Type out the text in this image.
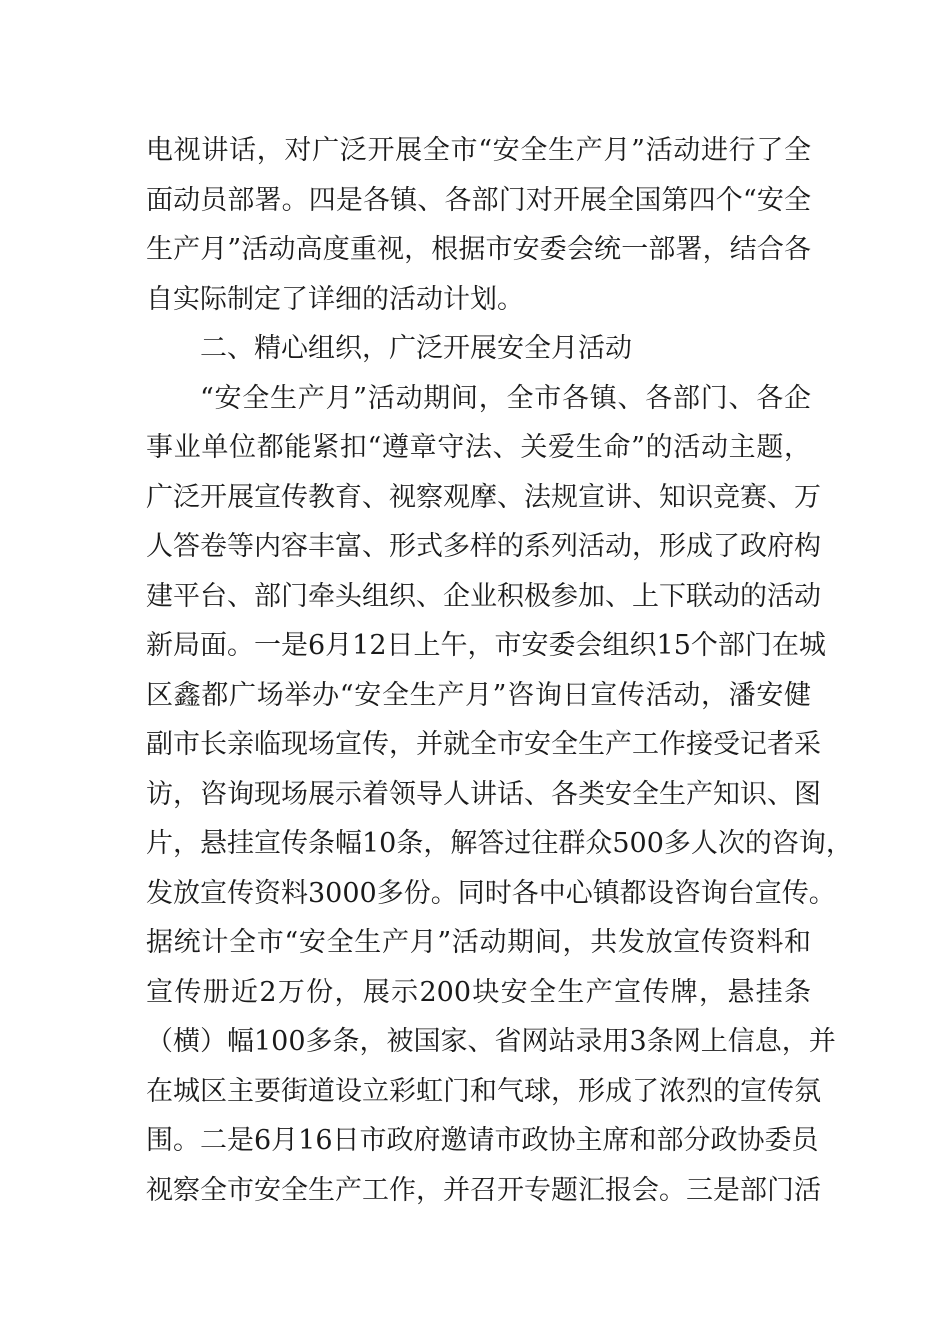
电视讲话，对广泛开展全市“安全生产月”活动进行了全
面动员部署。四是各镇、各部门对开展全国第四个“安全
生产月”活动高度重视，根据市安委会统一部署，结合各
自实际制定了详细的活动计划。
二、精心组织，广泛开展安全月活动
“安全生产月”活动期间，全市各镇、各部门、各企
事业单位都能紧扣“遵章守法、关爱生命”的活动主题，
广泛开展宣传教育、视察观摩、法规宣讲、知识竞赛、万
人答卷等内容丰富、形式多样的系列活动，形成了政府构
建平台、部门牵头组织、企业积极参加、上下联动的活动
新局面。一是6月12日上午，市安委会组织15个部门在城
区鑫都广场举办“安全生产月”咨询日宣传活动，潘安健
副市长亲临现场宣传，并就全市安全生产工作接受记者采
访，咨询现场展示着领导人讲话、各类安全生产知识、图
片，悬挂宣传条幅10条，解答过往群众500多人次的咨询，
发放宣传资料3000多份。同时各中心镇都设咨询台宣传。
据统计全市“安全生产月”活动期间，共发放宣传资料和
宣传册近2万份，展示200块安全生产宣传牌，悬挂条
（横）幅100多条，被国家、省网站录用3条网上信息，并
在城区主要街道设立彩虹门和气球，形成了浓烈的宣传氛
围。二是6月16日市政府邀请市政协主席和部分政协委员
视察全市安全生产工作，并召开专题汇报会。三是部门活
